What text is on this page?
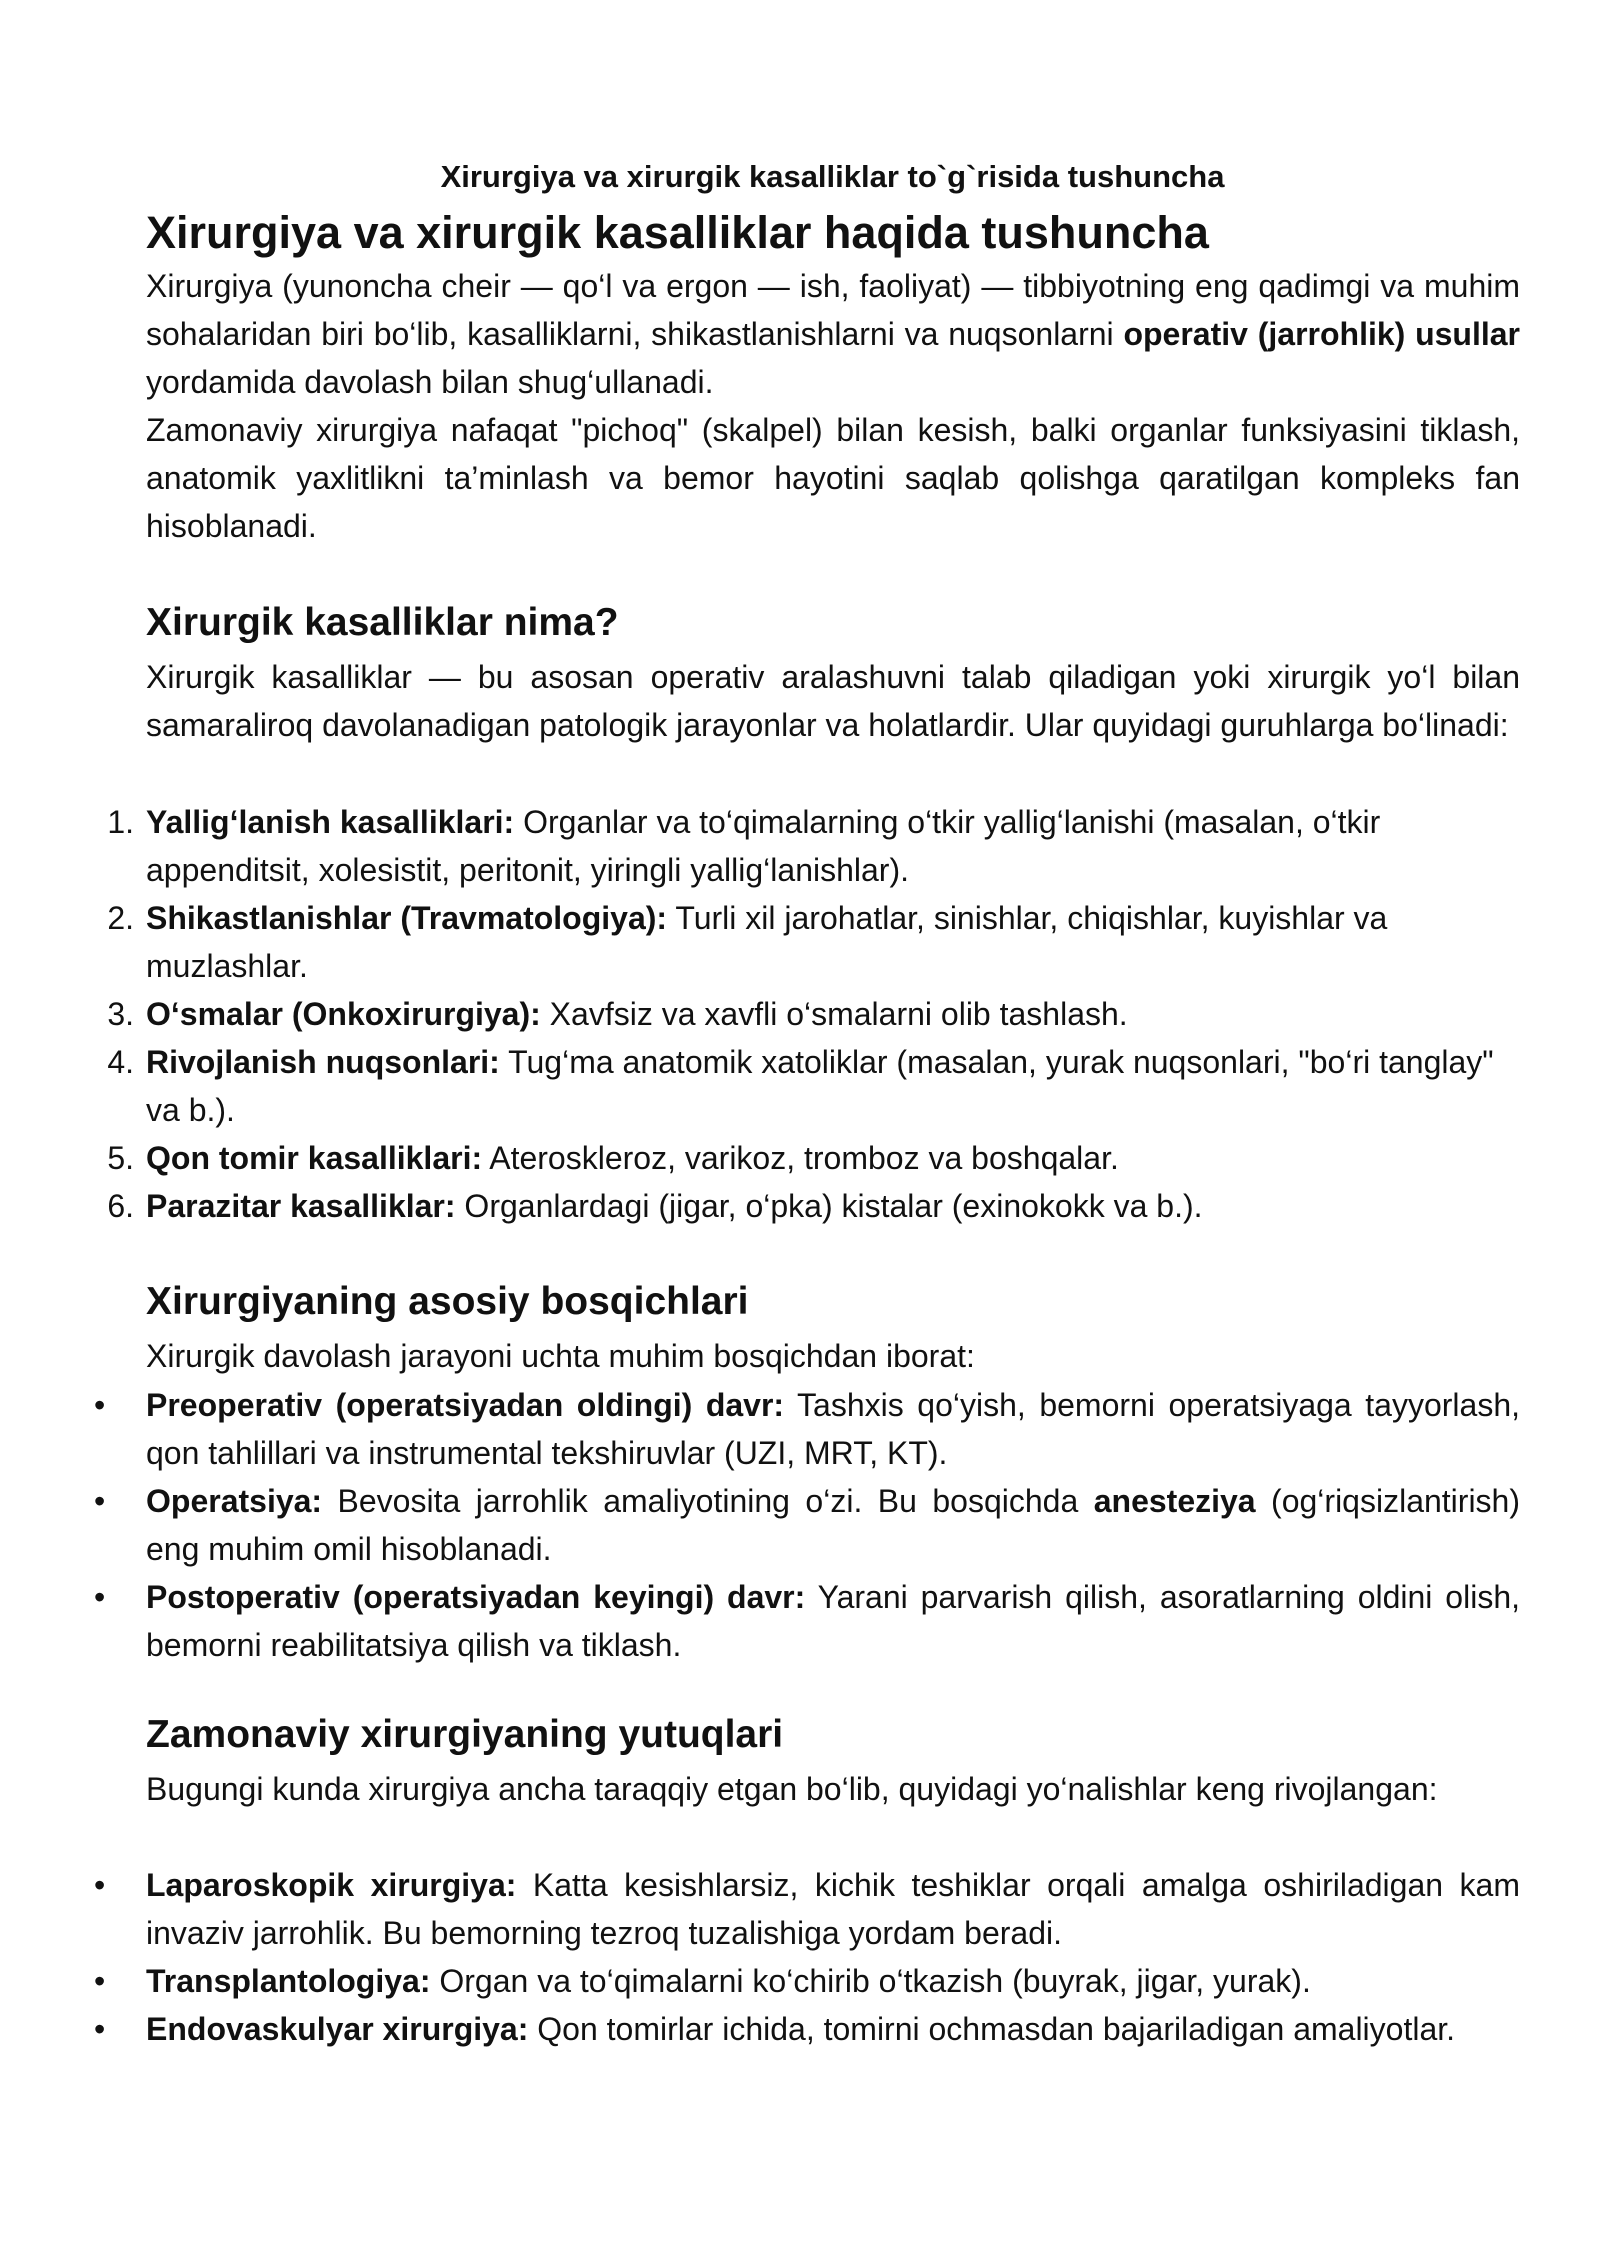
Xirurgiya va xirurgik kasalliklar to`g`risida tushuncha
Xirurgiya va xirurgik kasalliklar haqida tushuncha

Xirurgiya (yunoncha cheir — qo‘l va ergon — ish, faoliyat) — tibbiyotning eng qadimgi va muhim sohalaridan biri bo‘lib, kasalliklarni, shikastlanishlarni va nuqsonlarni operativ (jarrohlik) usullar yordamida davolash bilan shug‘ullanadi.

Zamonaviy xirurgiya nafaqat "pichoq" (skalpel) bilan kesish, balki organlar funksiyasini tiklash, anatomik yaxlitlikni ta’minlash va bemor hayotini saqlab qolishga qaratilgan kompleks fan hisoblanadi.

Xirurgik kasalliklar nima?

Xirurgik kasalliklar — bu asosan operativ aralashuvni talab qiladigan yoki xirurgik yo‘l bilan samaraliroq davolanadigan patologik jarayonlar va holatlardir. Ular quyidagi guruhlarga bo‘linadi:

1. Yallig‘lanish kasalliklari: Organlar va to‘qimalarning o‘tkir yallig‘lanishi (masalan, o‘tkir appenditsit, xolesistit, peritonit, yiringli yallig‘lanishlar).
2. Shikastlanishlar (Travmatologiya): Turli xil jarohatlar, sinishlar, chiqishlar, kuyishlar va muzlashlar.
3. O‘smalar (Onkoxirurgiya): Xavfsiz va xavfli o‘smalarni olib tashlash.
4. Rivojlanish nuqsonlari: Tug‘ma anatomik xatoliklar (masalan, yurak nuqsonlari, "bo‘ri tanglay" va b.).
5. Qon tomir kasalliklari: Ateroskleroz, varikoz, tromboz va boshqalar.
6. Parazitar kasalliklar: Organlardagi (jigar, o‘pka) kistalar (exinokokk va b.).
Xirurgiyaning asosiy bosqichlari

Xirurgik davolash jarayoni uchta muhim bosqichdan iborat:

•	Preoperativ (operatsiyadan oldingi) davr: Tashxis qo‘yish, bemorni operatsiyaga tayyorlash, qon tahlillari va instrumental tekshiruvlar (UZI, MRT, KT).
•	Operatsiya: Bevosita jarrohlik amaliyotining o‘zi. Bu bosqichda anesteziya (og‘riqsizlantirish) eng muhim omil hisoblanadi.
•	Postoperativ (operatsiyadan keyingi) davr: Yarani parvarish qilish, asoratlarning oldini olish, bemorni reabilitatsiya qilish va tiklash.
Zamonaviy xirurgiyaning yutuqlari

Bugungi kunda xirurgiya ancha taraqqiy etgan bo‘lib, quyidagi yo‘nalishlar keng rivojlangan:

•	Laparoskopik xirurgiya: Katta kesishlarsiz, kichik teshiklar orqali amalga oshiriladigan kam invaziv jarrohlik. Bu bemorning tezroq tuzalishiga yordam beradi.
•	Transplantologiya: Organ va to‘qimalarni ko‘chirib o‘tkazish (buyrak, jigar, yurak).
•	Endovaskulyar xirurgiya: Qon tomirlar ichida, tomirni ochmasdan bajariladigan amaliyotlar.
